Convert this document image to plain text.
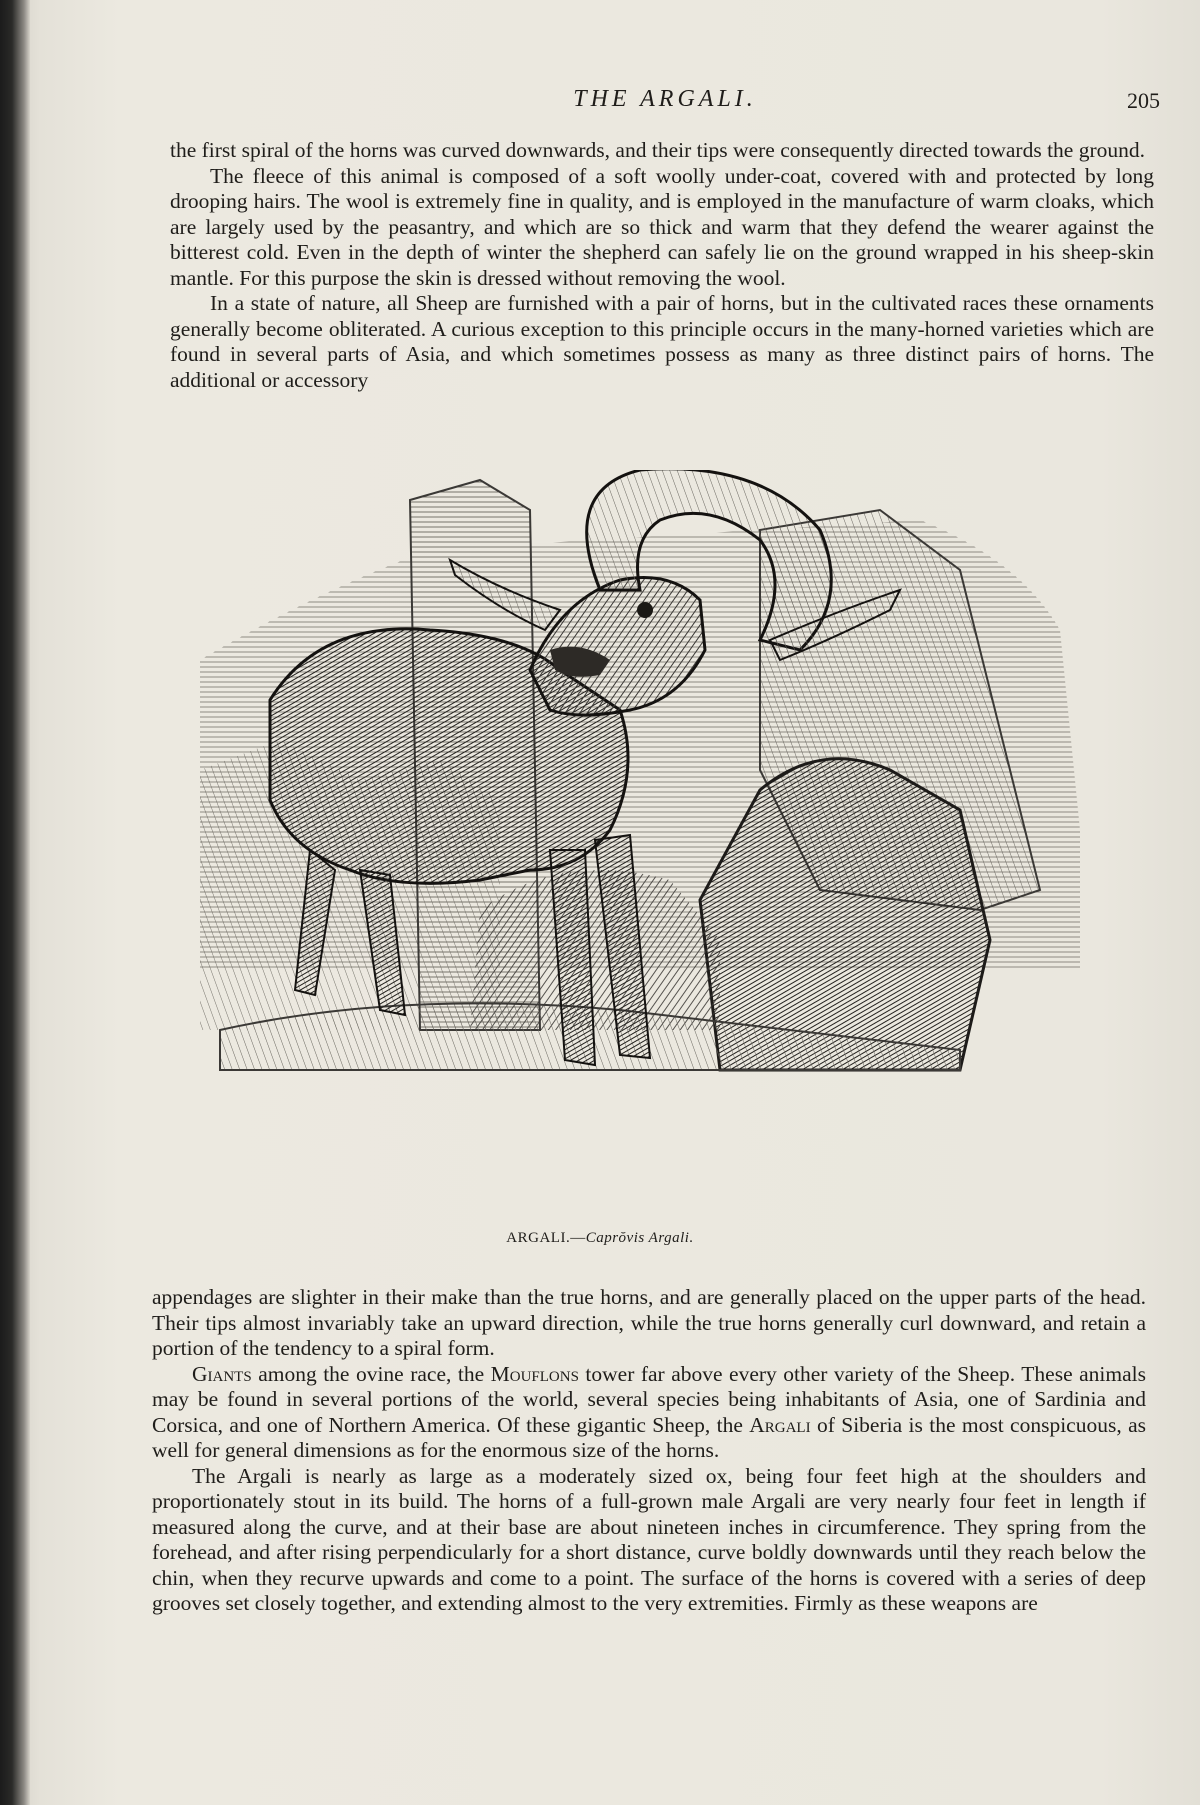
THE ARGALI.	205

the first spiral of the horns was curved downwards, and their tips were consequently directed towards the ground.

The fleece of this animal is composed of a soft woolly under-coat, covered with and protected by long drooping hairs. The wool is extremely fine in quality, and is employed in the manufacture of warm cloaks, which are largely used by the peasantry, and which are so thick and warm that they defend the wearer against the bitterest cold. Even in the depth of winter the shepherd can safely lie on the ground wrapped in his sheep-skin mantle. For this purpose the skin is dressed without removing the wool.

In a state of nature, all Sheep are furnished with a pair of horns, but in the cultivated races these ornaments generally become obliterated. A curious exception to this principle occurs in the many-horned varieties which are found in several parts of Asia, and which sometimes possess as many as three distinct pairs of horns. The additional or accessory

ARGALI.—Caprŏvis Argali.

appendages are slighter in their make than the true horns, and are generally placed on the upper parts of the head. Their tips almost invariably take an upward direction, while the true horns generally curl downward, and retain a portion of the tendency to a spiral form.

Giants among the ovine race, the Mouflons tower far above every other variety of the Sheep. These animals may be found in several portions of the world, several species being inhabitants of Asia, one of Sardinia and Corsica, and one of Northern America. Of these gigantic Sheep, the Argali of Siberia is the most conspicuous, as well for general dimensions as for the enormous size of the horns.

The Argali is nearly as large as a moderately sized ox, being four feet high at the shoulders and proportionately stout in its build. The horns of a full-grown male Argali are very nearly four feet in length if measured along the curve, and at their base are about nineteen inches in circumference. They spring from the forehead, and after rising perpendicularly for a short distance, curve boldly downwards until they reach below the chin, when they recurve upwards and come to a point. The surface of the horns is covered with a series of deep grooves set closely together, and extending almost to the very extremities. Firmly as these weapons are
